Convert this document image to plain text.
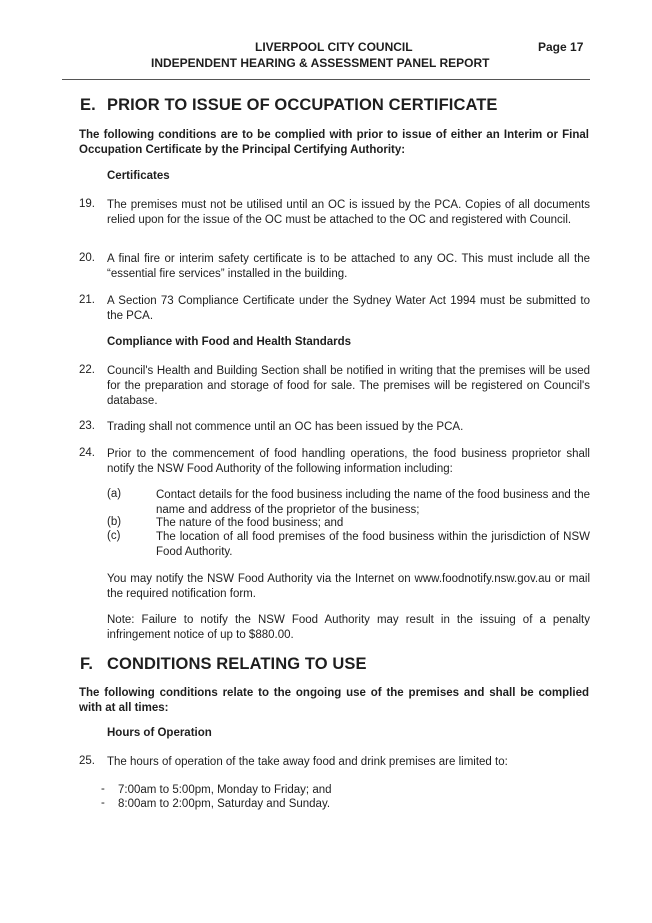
LIVERPOOL CITY COUNCIL	Page 17
INDEPENDENT HEARING & ASSESSMENT PANEL REPORT
E. PRIOR TO ISSUE OF OCCUPATION CERTIFICATE
The following conditions are to be complied with prior to issue of either an Interim or Final Occupation Certificate by the Principal Certifying Authority:
Certificates
19. The premises must not be utilised until an OC is issued by the PCA. Copies of all documents relied upon for the issue of the OC must be attached to the OC and registered with Council.
20. A final fire or interim safety certificate is to be attached to any OC. This must include all the “essential fire services” installed in the building.
21. A Section 73 Compliance Certificate under the Sydney Water Act 1994 must be submitted to the PCA.
Compliance with Food and Health Standards
22. Council's Health and Building Section shall be notified in writing that the premises will be used for the preparation and storage of food for sale. The premises will be registered on Council's database.
23. Trading shall not commence until an OC has been issued by the PCA.
24. Prior to the commencement of food handling operations, the food business proprietor shall notify the NSW Food Authority of the following information including:
(a)	Contact details for the food business including the name of the food business and the name and address of the proprietor of the business;
(b)	The nature of the food business; and
(c)	The location of all food premises of the food business within the jurisdiction of NSW Food Authority.
You may notify the NSW Food Authority via the Internet on www.foodnotify.nsw.gov.au or mail the required notification form.
Note: Failure to notify the NSW Food Authority may result in the issuing of a penalty infringement notice of up to $880.00.
F. CONDITIONS RELATING TO USE
The following conditions relate to the ongoing use of the premises and shall be complied with at all times:
Hours of Operation
25. The hours of operation of the take away food and drink premises are limited to:
- 7:00am to 5:00pm, Monday to Friday; and
- 8:00am to 2:00pm, Saturday and Sunday.
